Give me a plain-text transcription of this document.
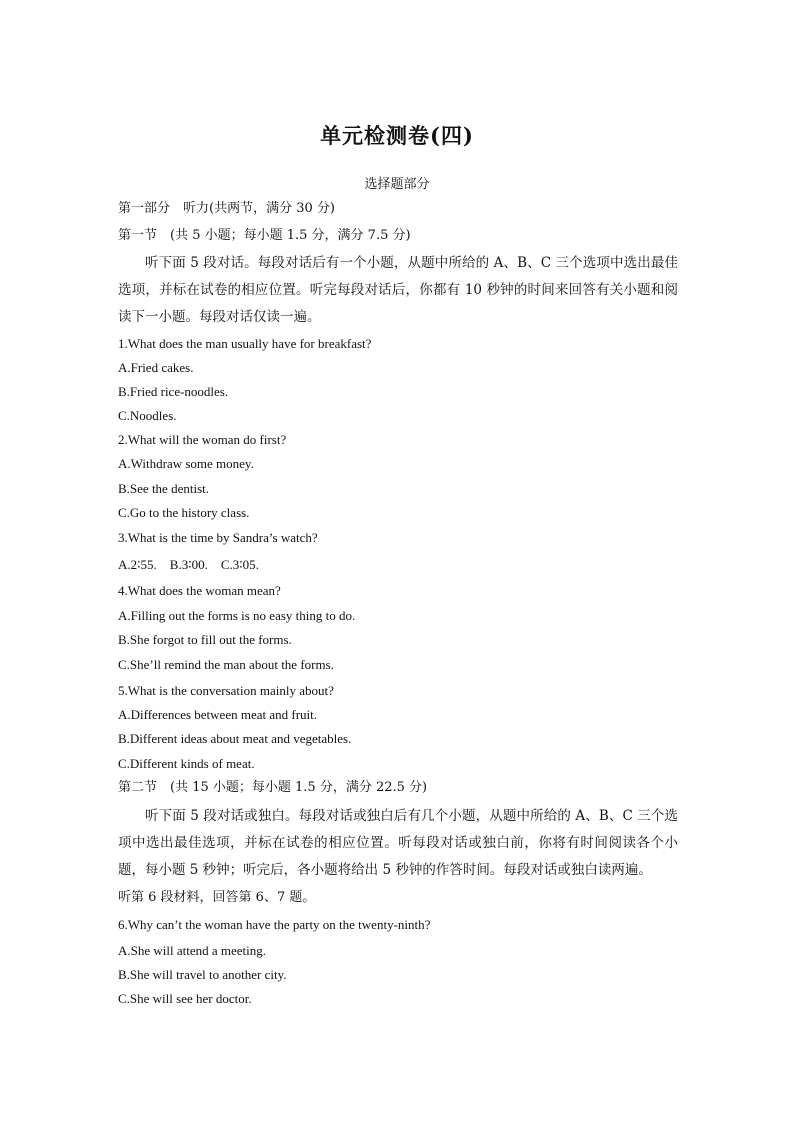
单元检测卷(四)
选择题部分
第一部分　听力(共两节，满分 30 分)
第一节　(共 5 小题；每小题 1.5 分，满分 7.5 分)
听下面 5 段对话。每段对话后有一个小题，从题中所给的 A、B、C 三个选项中选出最佳选项，并标在试卷的相应位置。听完每段对话后，你都有 10 秒钟的时间来回答有关小题和阅读下一小题。每段对话仅读一遍。
1.What does the man usually have for breakfast?
A.Fried cakes.
B.Fried rice-noodles.
C.Noodles.
2.What will the woman do first?
A.Withdraw some money.
B.See the dentist.
C.Go to the history class.
3.What is the time by Sandra’s watch?
A.2∶55.　B.3∶00.　C.3∶05.
4.What does the woman mean?
A.Filling out the forms is no easy thing to do.
B.She forgot to fill out the forms.
C.She’ll remind the man about the forms.
5.What is the conversation mainly about?
A.Differences between meat and fruit.
B.Different ideas about meat and vegetables.
C.Different kinds of meat.
第二节　(共 15 小题；每小题 1.5 分，满分 22.5 分)
听下面 5 段对话或独白。每段对话或独白后有几个小题，从题中所给的 A、B、C 三个选项中选出最佳选项，并标在试卷的相应位置。听每段对话或独白前，你将有时间阅读各个小题，每小题 5 秒钟；听完后，各小题将给出 5 秒钟的作答时间。每段对话或独白读两遍。
听第 6 段材料，回答第 6、7 题。
6.Why can’t the woman have the party on the twenty-ninth?
A.She will attend a meeting.
B.She will travel to another city.
C.She will see her doctor.
